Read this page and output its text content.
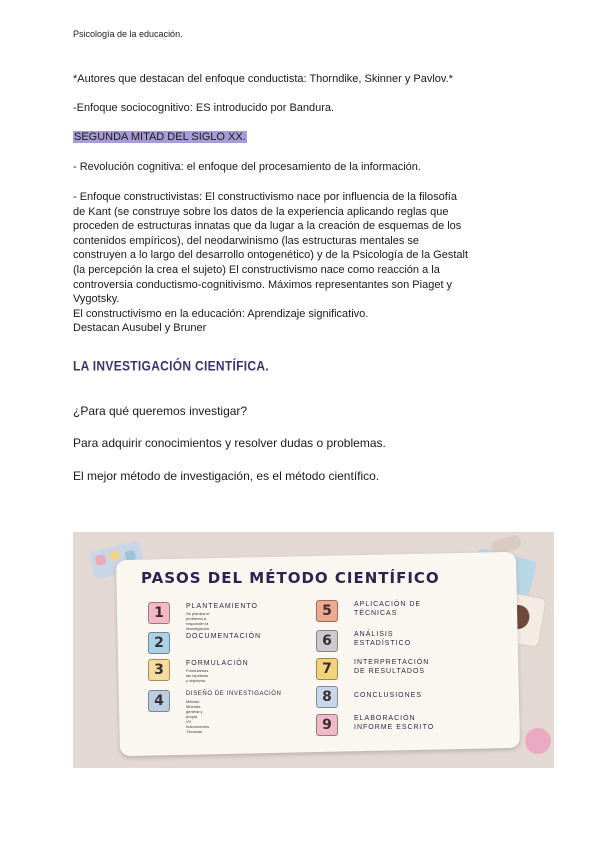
Psicología de la educación.
*Autores que destacan del enfoque conductista: Thorndike, Skinner y Pavlov.*
-Enfoque sociocognitivo: ES introducido por Bandura.
SEGUNDA MITAD DEL SIGLO XX.
- Revolución cognitiva: el enfoque del procesamiento de la información.
- Enfoque constructivistas: El constructivismo nace por influencia de la filosofía
de Kant (se construye sobre los datos de la experiencia aplicando reglas que
proceden de estructuras innatas que da lugar a la creación de esquemas de los
contenidos empíricos), del neodarwinismo (las estructuras mentales se
construyen a lo largo del desarrollo ontogenético) y de la Psicología de la Gestalt
(la percepción la crea el sujeto) El constructivismo nace como reacción a la
controversia conductismo-cognitivismo. Máximos representantes son Piaget y
Vygotsky.
El constructivismo en la educación: Aprendizaje significativo.
Destacan Ausubel y Bruner
LA INVESTIGACIÓN CIENTÍFICA.
¿Para qué queremos investigar?
Para adquirir conocimientos y resolver dudas o problemas.
El mejor método de investigación, es el método científico.
PASOS DEL MÉTODO CIENTÍFICO
1	PLANTEAMIENTO
Se plantea el problema a responder la
investigación.
2	DOCUMENTACIÓN
3	FORMULACIÓN
Formulamos las hipótesis y objetivos.
4	DISEÑO DE INVESTIGACIÓN
Método
Muestra general y propia
VV
Instrumentos
Técnicas
5	APLICACIÓN DE TÉCNICAS
6	ANÁLISIS ESTADÍSTICO
7	INTERPRETACIÓN DE RESULTADOS
8	CONCLUSIONES
9	ELABORACIÓN INFORME ESCRITO
